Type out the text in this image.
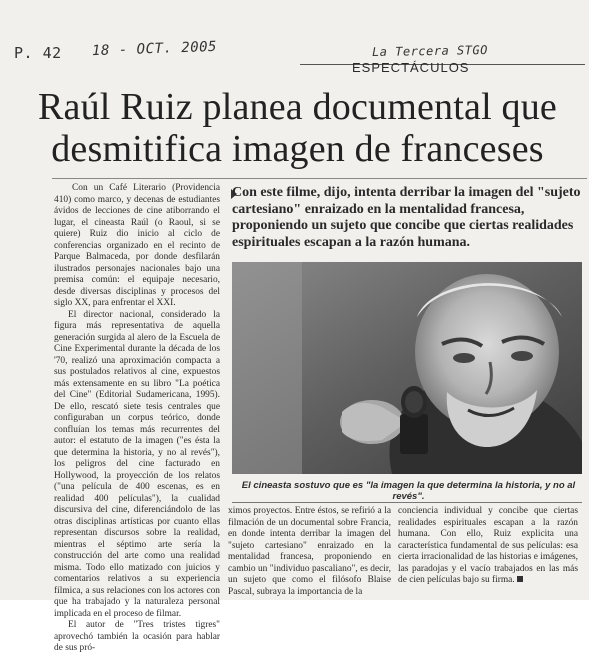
P. 42 18 - OCT. 2005	La Tercera STGO
ESPECTÁCULOS
Raúl Ruiz planea documental que desmitifica imagen de franceses

Con un Café Literario (Providencia 410) como marco, y decenas de estudiantes ávidos de lecciones de cine atiborrando el lugar, el cineasta Raúl (o Raoul, si se quiere) Ruiz dio inicio al ciclo de conferencias organizado en el recinto de Parque Balmaceda, por donde desfilarán ilustrados personajes nacionales bajo una premisa común: el equipaje necesario, desde diversas disciplinas y procesos del siglo XX, para enfrentar el XXI.

El director nacional, considerado la figura más representativa de aquella generación surgida al alero de la Escuela de Cine Experimental durante la década de los '70, realizó una aproximación compacta a sus postulados relativos al cine, expuestos más extensamente en su libro "La poética del Cine" (Editorial Sudamericana, 1995). De ello, rescató siete tesis centrales que configuraban un corpus teórico, donde confluían los temas más recurrentes del autor: el estatuto de la imagen ("es ésta la que determina la historia, y no al revés"), los peligros del cine facturado en Hollywood, la proyección de los relatos ("una película de 400 escenas, es en realidad 400 películas"), la cualidad discursiva del cine, diferenciándolo de las otras disciplinas artísticas por cuanto ellas representan discursos sobre la realidad, mientras el séptimo arte sería la construcción del arte como una realidad misma. Todo ello matizado con juicios y comentarios relativos a su experiencia fílmica, a sus relaciones con los actores con que ha trabajado y la naturaleza personal implicada en el proceso de filmar.

El autor de "Tres tristes tigres" aprovechó también la ocasión para hablar de sus pró-

Con este filme, dijo, intenta derribar la imagen del "sujeto cartesiano" enraizado en la mentalidad francesa, proponiendo un sujeto que concibe que ciertas realidades espirituales escapan a la razón humana.

El cineasta sostuvo que es "la imagen la que determina la historia, y no al revés".

ximos proyectos. Entre éstos, se refirió a la filmación de un documental sobre Francia, en donde intenta derribar la imagen del "sujeto cartesiano" enraizado en la mentalidad francesa, proponiendo en cambio un "individuo pascaliano", es decir, un sujeto que como el filósofo Blaise Pascal, subraya la importancia de la

conciencia individual y concibe que ciertas realidades espirituales escapan a la razón humana. Con ello, Ruiz explicita una característica fundamental de sus películas: esa cierta irracionalidad de las historias e imágenes, las paradojas y el vacío trabajados en las más de cien películas bajo su firma.
